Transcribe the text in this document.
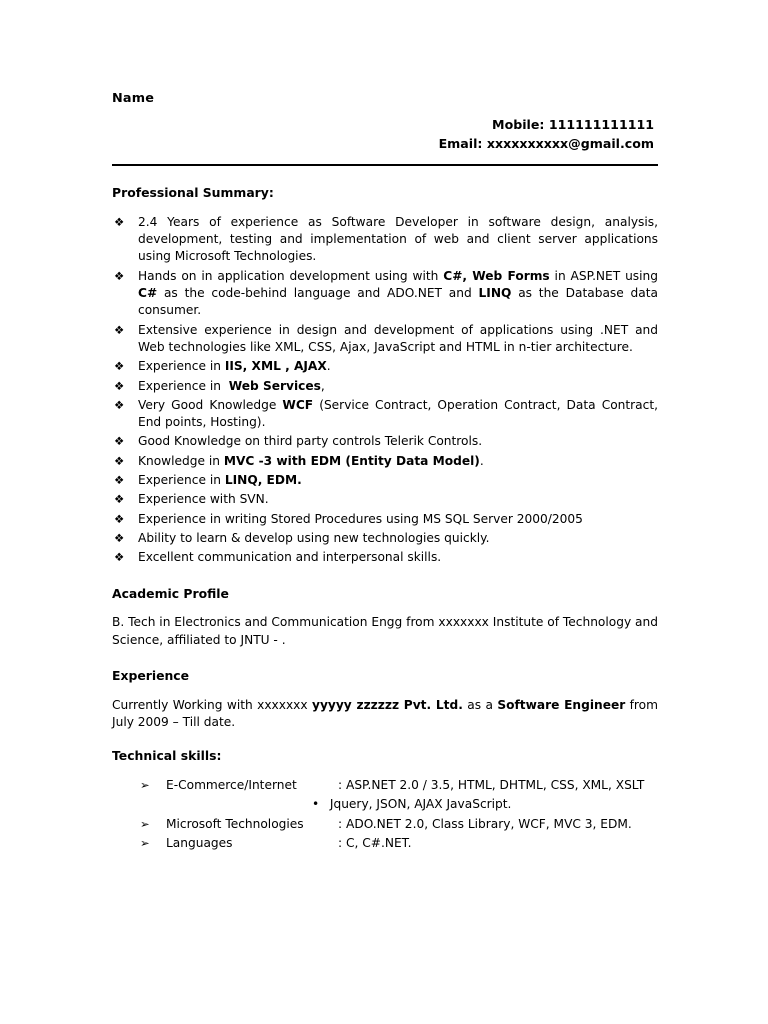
Name
Mobile: 111111111111
Email: xxxxxxxxxx@gmail.com
Professional Summary:
❖ 2.4 Years of experience as Software Developer in software design, analysis, development, testing and implementation of web and client server applications using Microsoft Technologies.
❖ Hands on in application development using with C#, Web Forms in ASP.NET using C# as the code-behind language and ADO.NET and LINQ as the Database data consumer.
❖ Extensive experience in design and development of applications using .NET and Web technologies like XML, CSS, Ajax, JavaScript and HTML in n-tier architecture.
❖ Experience in IIS, XML , AJAX.
❖ Experience in  Web Services,
❖ Very Good Knowledge WCF (Service Contract, Operation Contract, Data Contract, End points, Hosting).
❖ Good Knowledge on third party controls Telerik Controls.
❖ Knowledge in MVC -3 with EDM (Entity Data Model).
❖ Experience in LINQ, EDM.
❖ Experience with SVN.
❖ Experience in writing Stored Procedures using MS SQL Server 2000/2005
❖ Ability to learn & develop using new technologies quickly.
❖ Excellent communication and interpersonal skills.
Academic Profile

B. Tech in Electronics and Communication Engg from xxxxxxx Institute of Technology and Science, affiliated to JNTU - .

Experience

Currently Working with xxxxxxx yyyyy zzzzzz Pvt. Ltd. as a Software Engineer from July 2009 – Till date.

Technical skills:
➢ E-Commerce/Internet	: ASP.NET 2.0 / 3.5, HTML, DHTML, CSS, XML, XSLT
• Jquery, JSON, AJAX JavaScript.
➢ Microsoft Technologies	: ADO.NET 2.0, Class Library, WCF, MVC 3, EDM.
➢ Languages	: C, C#.NET.
